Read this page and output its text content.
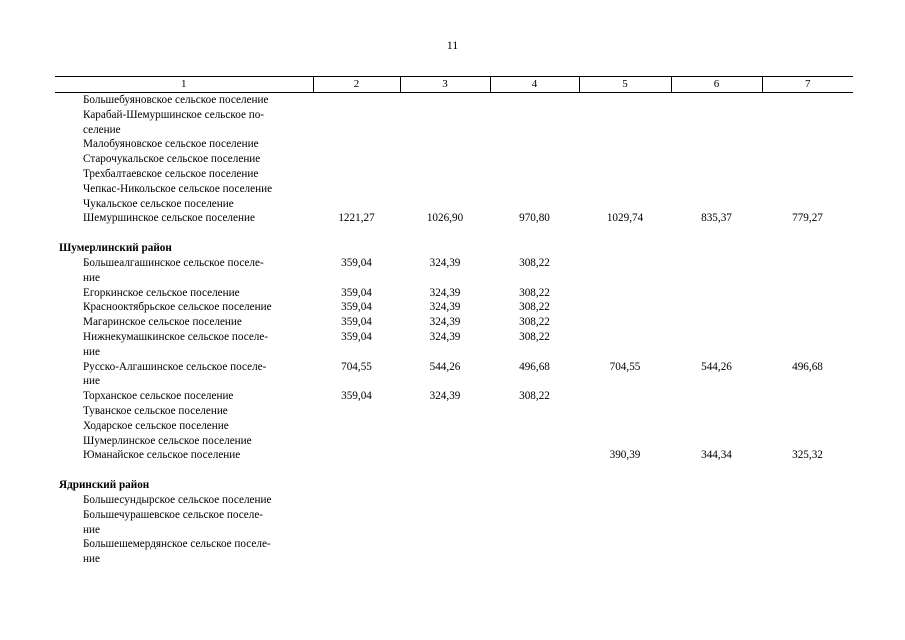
11
1	2	3	4	5	6	7

Большебуяновское сельское поселение						

Карабай-Шемуршинское сельское по-
селение						

Малобуяновское сельское поселение						

Старочукальское сельское поселение						

Трехбалтаевское сельское поселение						

Чепкас-Никольское сельское поселение						

Чукальское сельское поселение						

Шемуршинское сельское поселение	1221,27	1026,90	970,80	1029,74	835,37	779,27

Шумерлинский район						

Большеалгашинское сельское поселе-
ние	359,04	324,39	308,22			

Егоркинское сельское поселение	359,04	324,39	308,22			

Краснооктябрьское сельское поселение	359,04	324,39	308,22			

Магаринское сельское поселение	359,04	324,39	308,22			

Нижнекумашкинское сельское поселе-
ние	359,04	324,39	308,22			

Русско-Алгашинское сельское поселе-
ние	704,55	544,26	496,68	704,55	544,26	496,68

Торханское сельское поселение	359,04	324,39	308,22			

Туванское сельское поселение						

Ходарское сельское поселение						

Шумерлинское сельское поселение						

Юманайское сельское поселение				390,39	344,34	325,32

Ядринский район						

Большесундырское сельское поселение						

Большечурашевское сельское поселе-
ние						

Большешемердянское сельское поселе-
ние						
